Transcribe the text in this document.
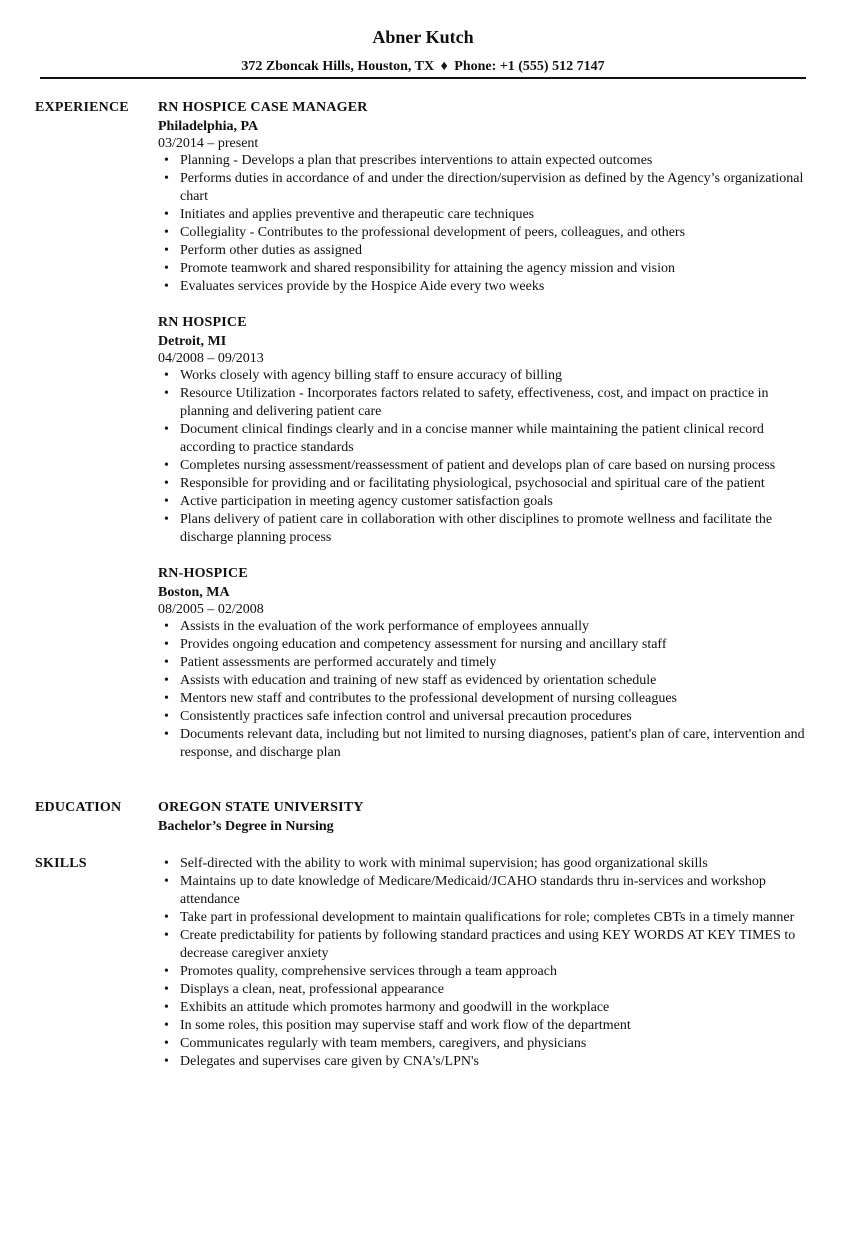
Abner Kutch
372 Zboncak Hills, Houston, TX ♦ Phone: +1 (555) 512 7147
EXPERIENCE RN HOSPICE CASE MANAGER
Philadelphia, PA
03/2014 – present
• Planning - Develops a plan that prescribes interventions to attain expected outcomes
• Performs duties in accordance of and under the direction/supervision as defined by the Agency’s organizational chart
• Initiates and applies preventive and therapeutic care techniques
• Collegiality - Contributes to the professional development of peers, colleagues, and others
• Perform other duties as assigned
• Promote teamwork and shared responsibility for attaining the agency mission and vision
• Evaluates services provide by the Hospice Aide every two weeks
RN HOSPICE
Detroit, MI
04/2008 – 09/2013
• Works closely with agency billing staff to ensure accuracy of billing
• Resource Utilization - Incorporates factors related to safety, effectiveness, cost, and impact on practice in planning and delivering patient care
• Document clinical findings clearly and in a concise manner while maintaining the patient clinical record according to practice standards
• Completes nursing assessment/reassessment of patient and develops plan of care based on nursing process
• Responsible for providing and or facilitating physiological, psychosocial and spiritual care of the patient
• Active participation in meeting agency customer satisfaction goals
• Plans delivery of patient care in collaboration with other disciplines to promote wellness and facilitate the discharge planning process
RN-HOSPICE
Boston, MA
08/2005 – 02/2008
• Assists in the evaluation of the work performance of employees annually
• Provides ongoing education and competency assessment for nursing and ancillary staff
• Patient assessments are performed accurately and timely
• Assists with education and training of new staff as evidenced by orientation schedule
• Mentors new staff and contributes to the professional development of nursing colleagues
• Consistently practices safe infection control and universal precaution procedures
• Documents relevant data, including but not limited to nursing diagnoses, patient's plan of care, intervention and response, and discharge plan
EDUCATION	OREGON STATE UNIVERSITY
Bachelor’s Degree in Nursing
SKILLS
•	Self-directed with the ability to work with minimal supervision; has good organizational skills
• Maintains up to date knowledge of Medicare/Medicaid/JCAHO standards thru in-services and workshop attendance
• Take part in professional development to maintain qualifications for role; completes CBTs in a timely manner
• Create predictability for patients by following standard practices and using KEY WORDS AT KEY TIMES to decrease caregiver anxiety
• Promotes quality, comprehensive services through a team approach
• Displays a clean, neat, professional appearance
• Exhibits an attitude which promotes harmony and goodwill in the workplace
• In some roles, this position may supervise staff and work flow of the department
• Communicates regularly with team members, caregivers, and physicians
• Delegates and supervises care given by CNA's/LPN's
